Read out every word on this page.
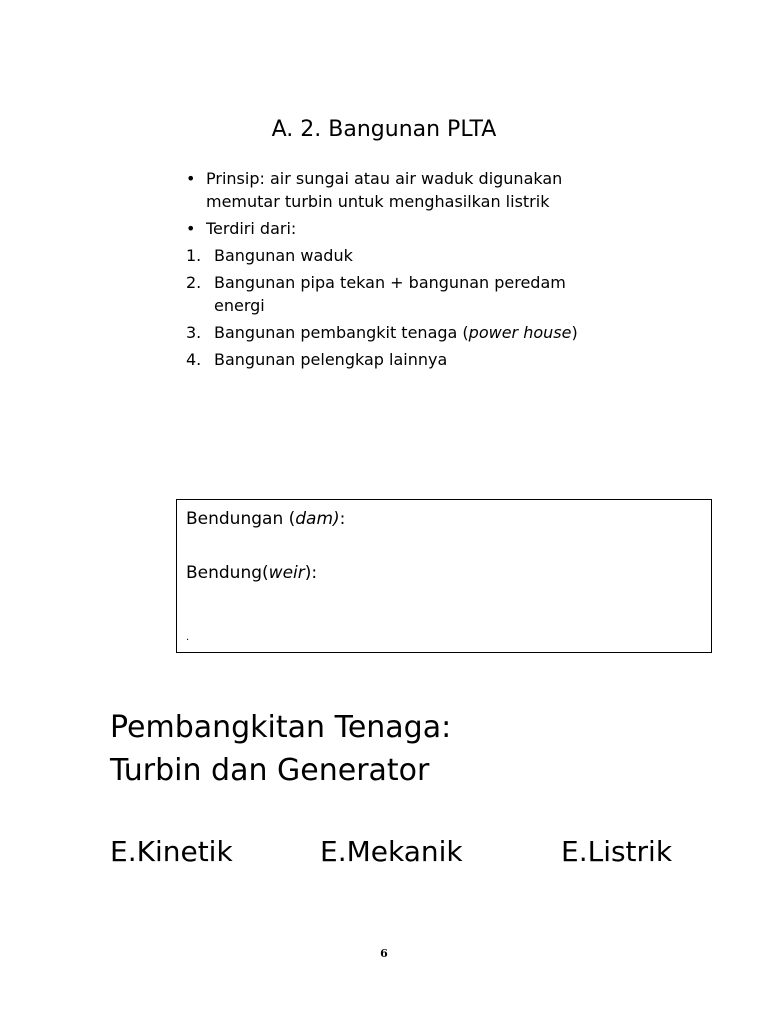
A. 2. Bangunan PLTA
• Prinsip: air sungai atau air waduk digunakan memutar turbin untuk menghasilkan listrik
• Terdiri dari:
1. Bangunan waduk
2. Bangunan pipa tekan + bangunan peredam energi
3. Bangunan pembangkit tenaga (power house)
4. Bangunan pelengkap lainnya
Bendungan (dam):
Bendung(weir):
.
Pembangkitan Tenaga:
Turbin dan Generator
E.Kinetik	E.Mekanik	E.Listrik
6
